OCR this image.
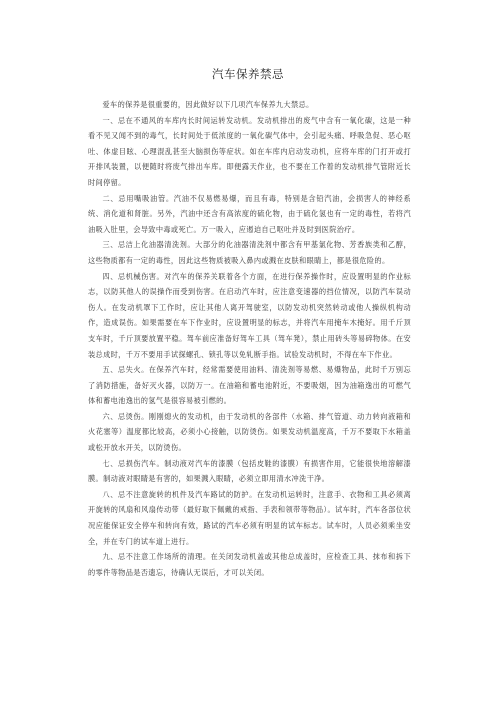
汽车保养禁忌

爱车的保养是很重要的，因此做好以下几项汽车保养九大禁忌。

一、忌在不通风的车库内长时间运转发动机。发动机排出的废气中含有一氧化碳，这是一种看不见又闻不到的毒气，长时间处于低浓度的一氧化碳气体中，会引起头痛、呼吸急促、恶心呕吐、体虚目眩、心理混乱甚至大脑损伤等症状。如在车库内启动发动机，应将车库的门打开或打开排风装置，以便随时将废气排出车库。即便露天作业，也不要在工作着的发动机排气管附近长时间停留。

二、忌用嘴吸油管。汽油不仅易燃易爆，而且有毒，特别是含铅汽油，会损害人的神经系统、消化道和肾脏。另外，汽油中还含有高浓度的硫化物，由于硫化氢也有一定的毒性，若将汽油吸入肚里，会导致中毒或死亡。万一吸入，应遏迫自己呕吐并及时到医院治疗。

三、忌洁上化油器清洗剂。大部分的化油器清洗剂中都含有甲基氯化物、芳香族类和乙醇，这些物质都有一定的毒性，因此这些物质被吸入鼻内或溅在皮肤和眼睛上，都是很危险的。

四、忌机械伤害。对汽车的保养关联着各个方面，在进行保养操作时，应设置明显的作业标志，以防其他人的误操作而受到伤害。在启动汽车时，应注意变速器的挡位情况，以防汽车误动伤人。在发动机罩下工作时，应让其他人离开驾驶室，以防发动机突然转动或他人操纵机构动作，造成误伤。如果需要在车下作业时，应设置明显的标志，并将汽车用掩车木掩好。用千斤顶支车时，千斤顶要放置平稳。驾车前应准备好驾车工具（驾车凳），禁止用砖头等易碎物体。在安装总成时，千万不要用手试探螺孔、锁孔等以免轧断手指。试验发动机时，不得在车下作业。

五、忌失火。在保养汽车时，经常需要使用油料、清洗剂等易燃、易爆物品，此时千万别忘了消防措施，备好灭火器，以防万一。在油箱和蓄电池附近，不要吸烟，因为油箱逸出的可燃气体和蓄电池逸出的氢气是很容易被引燃的。

六、忌烫伤。刚刚熄火的发动机，由于发动机的各部件（水箱、排气管道、动力转向液箱和火花塞等）温度都比较高，必须小心接触，以防烫伤。如果发动机温度高，千万不要取下水箱盖或松开放水开关，以防烫伤。

七、忌损伤汽车。制动液对汽车的漆膜（包括皮鞋的漆膜）有损害作用，它能很快地溶解漆膜。制动液对眼睛是有害的，如果溅入眼睛，必须立即用清水冲洗干净。

八、忌不注意旋转的机件及汽车路试的防护。在发动机运转时，注意手、衣物和工具必须离开旋转的风扇和风扇传动带（最好取下佩戴的戒指、手表和领带等物品）。试车时，汽车各部位状况应能保证安全停车和转向有效，路试的汽车必须有明显的试车标志。试车时，人员必须乘坐安全，并在专门的试车道上进行。

九、忌不注意工作场所的清理。在关闭发动机盖或其他总成盖时，应检查工具、抹布和拆下的零件等物品是否遗忘，待确认无误后，才可以关闭。
